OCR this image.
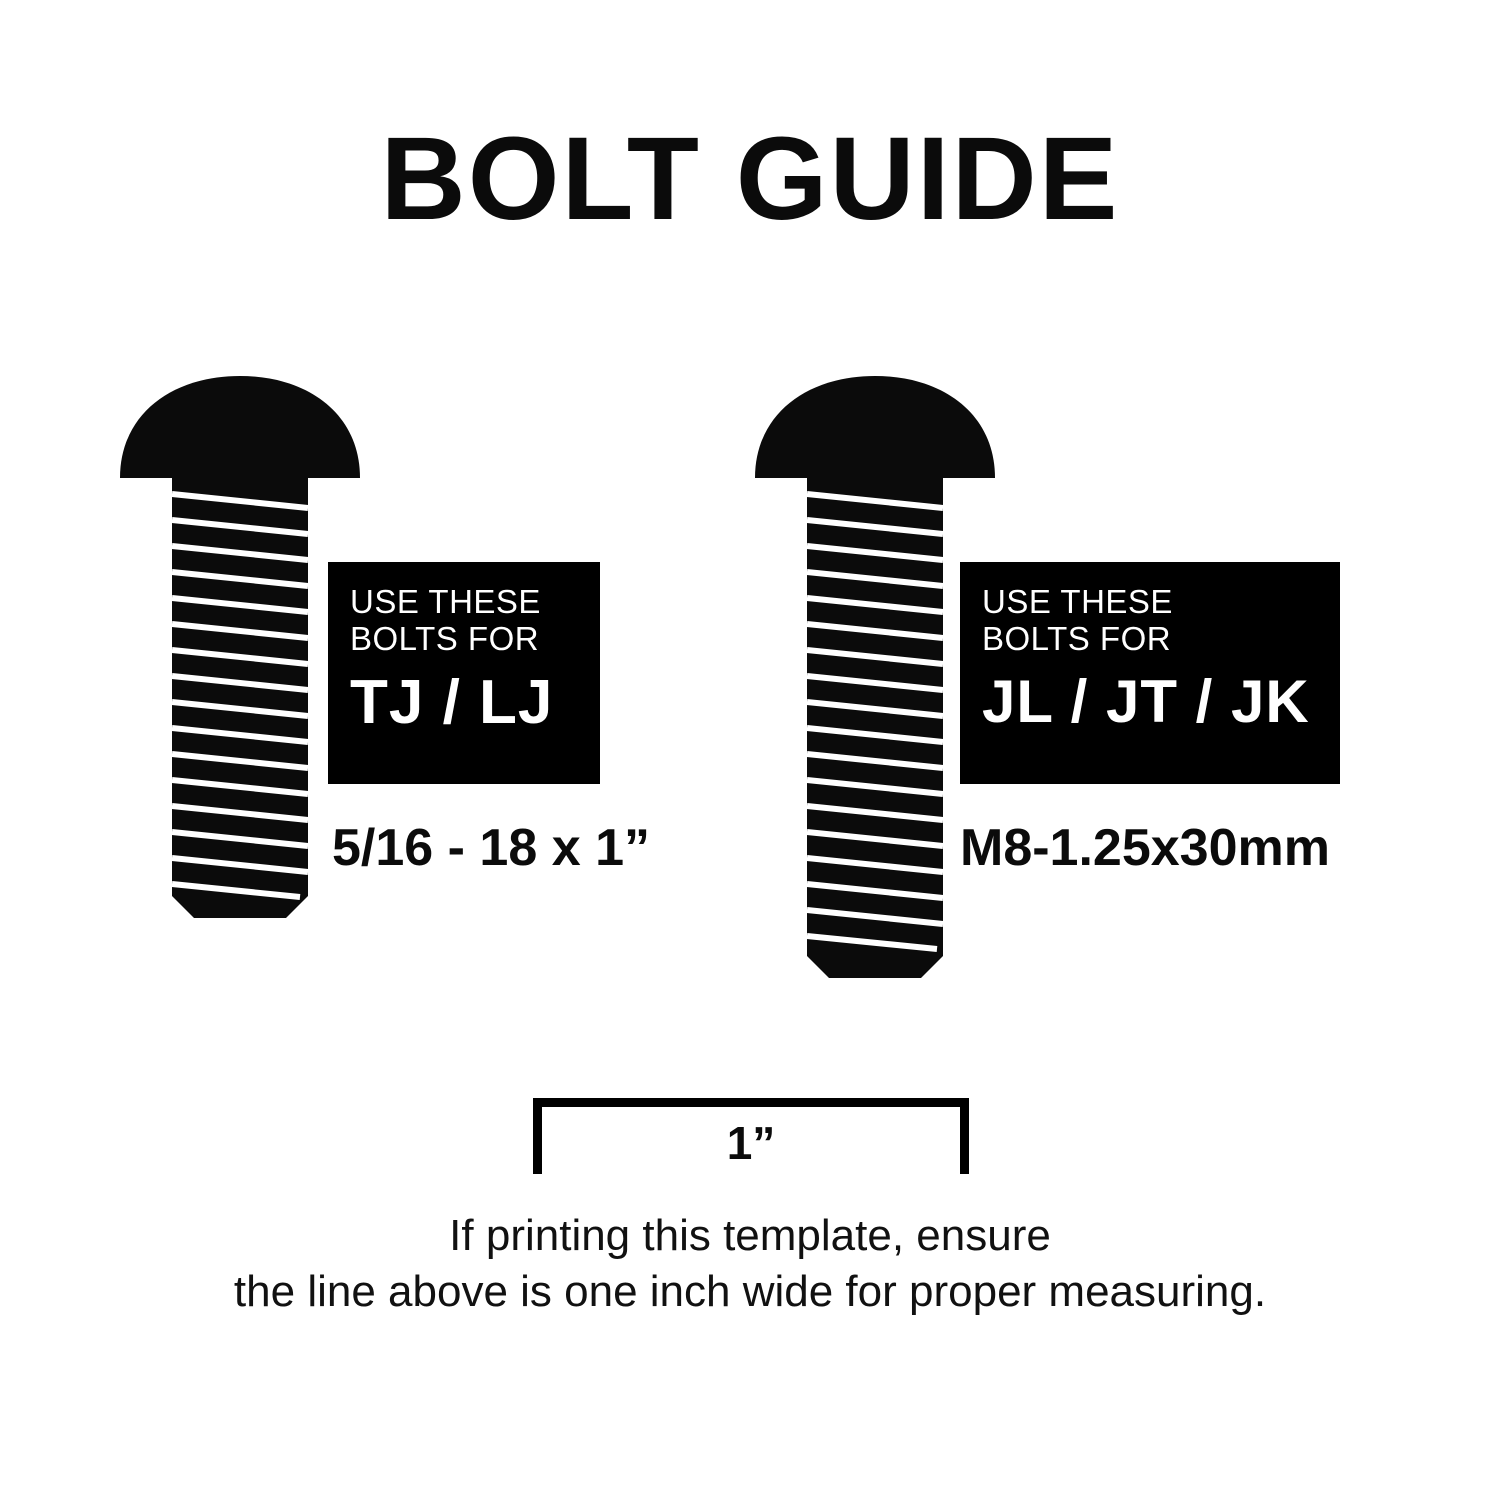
BOLT GUIDE
USE THESE
BOLTS FOR
TJ / LJ
5/16 - 18 x 1”
USE THESE
BOLTS FOR
JL / JT / JK
M8-1.25x30mm
1”
If printing this template, ensure
the line above is one inch wide for proper measuring.
